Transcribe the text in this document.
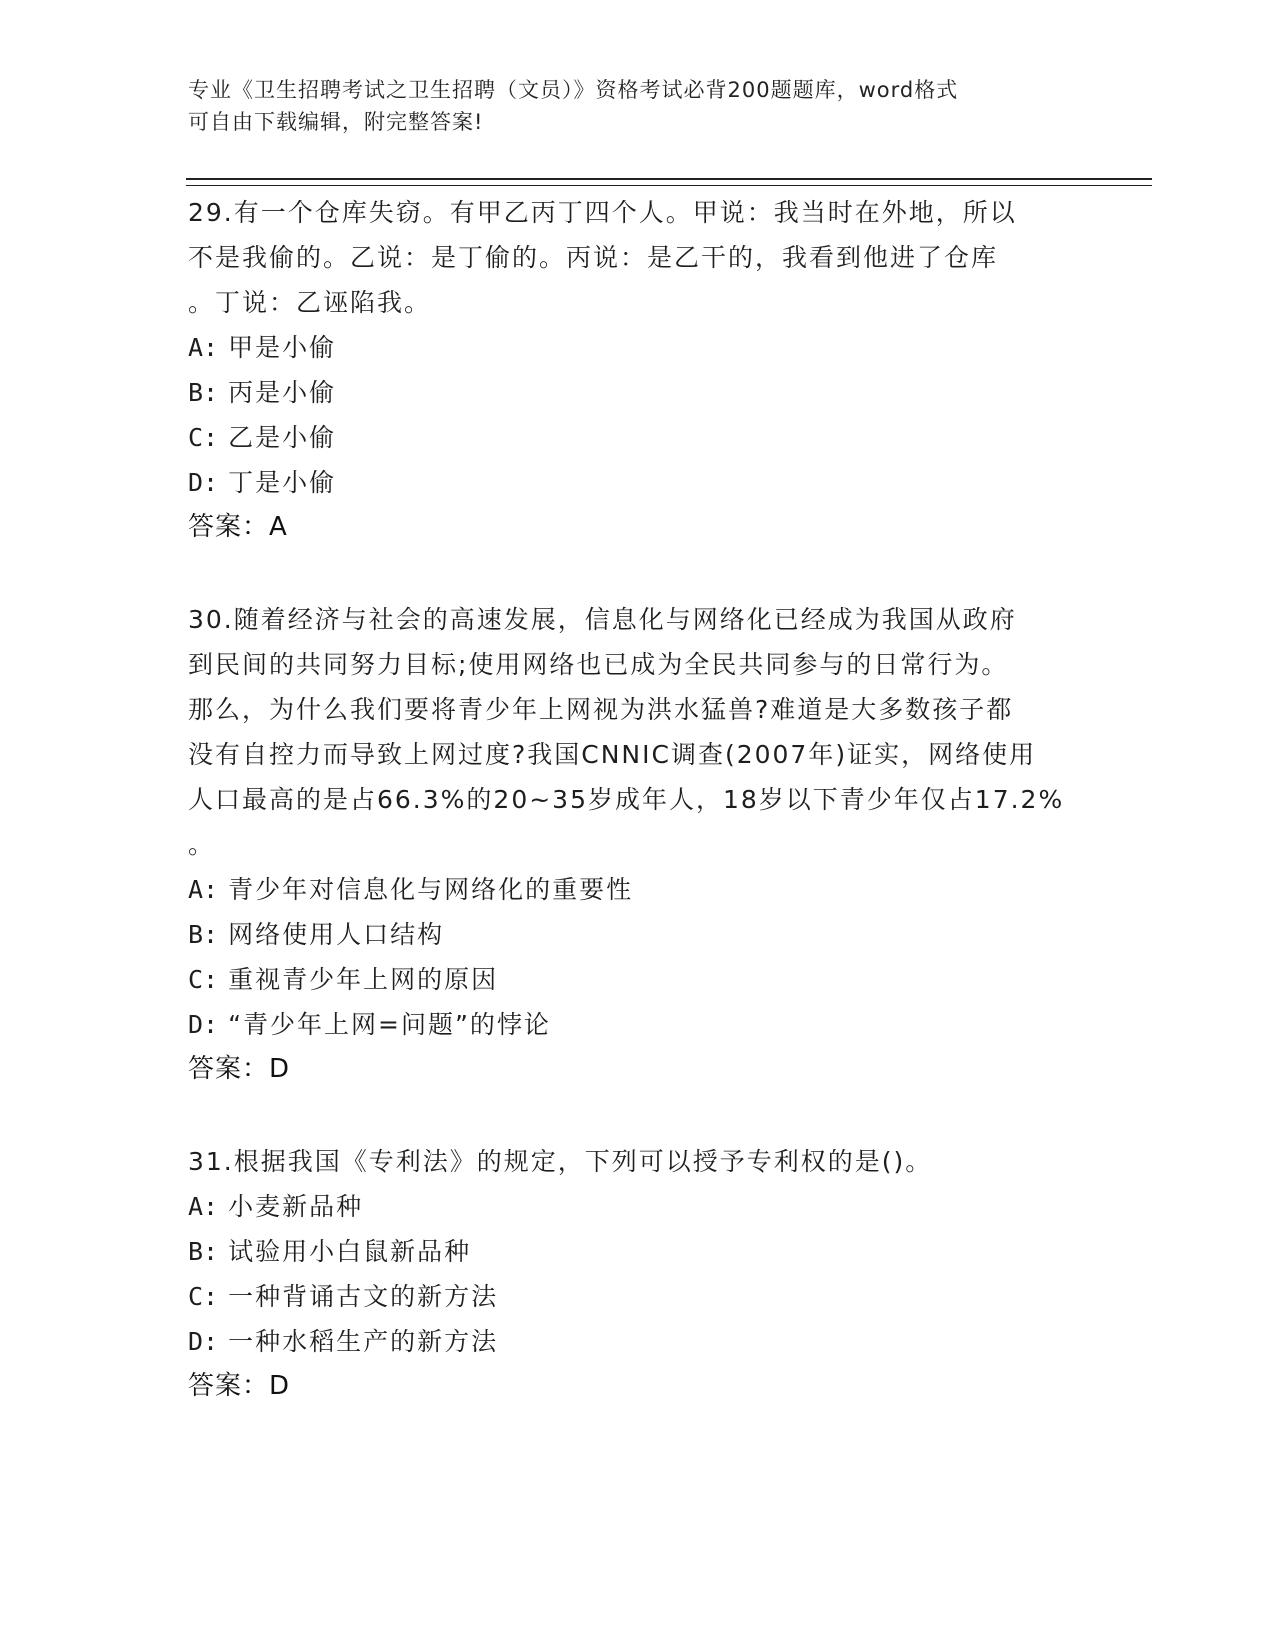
专业《卫生招聘考试之卫生招聘（文员）》资格考试必背200题题库，word格式
可自由下载编辑，附完整答案!
29.有一个仓库失窃。有甲乙丙丁四个人。甲说：我当时在外地，所以
不是我偷的。乙说：是丁偷的。丙说：是乙干的，我看到他进了仓库
。丁说：乙诬陷我。
A: 甲是小偷
B: 丙是小偷
C: 乙是小偷
D: 丁是小偷
答案：A
30.随着经济与社会的高速发展，信息化与网络化已经成为我国从政府
到民间的共同努力目标;使用网络也已成为全民共同参与的日常行为。
那么，为什么我们要将青少年上网视为洪水猛兽?难道是大多数孩子都
没有自控力而导致上网过度?我国CNNIC调查(2007年)证实，网络使用
人口最高的是占66.3%的20~35岁成年人，18岁以下青少年仅占17.2%
。
A: 青少年对信息化与网络化的重要性
B: 网络使用人口结构
C: 重视青少年上网的原因
D: “青少年上网=问题”的悖论
答案：D
31.根据我国《专利法》的规定，下列可以授予专利权的是()。
A: 小麦新品种
B: 试验用小白鼠新品种
C: 一种背诵古文的新方法
D: 一种水稻生产的新方法
答案：D
